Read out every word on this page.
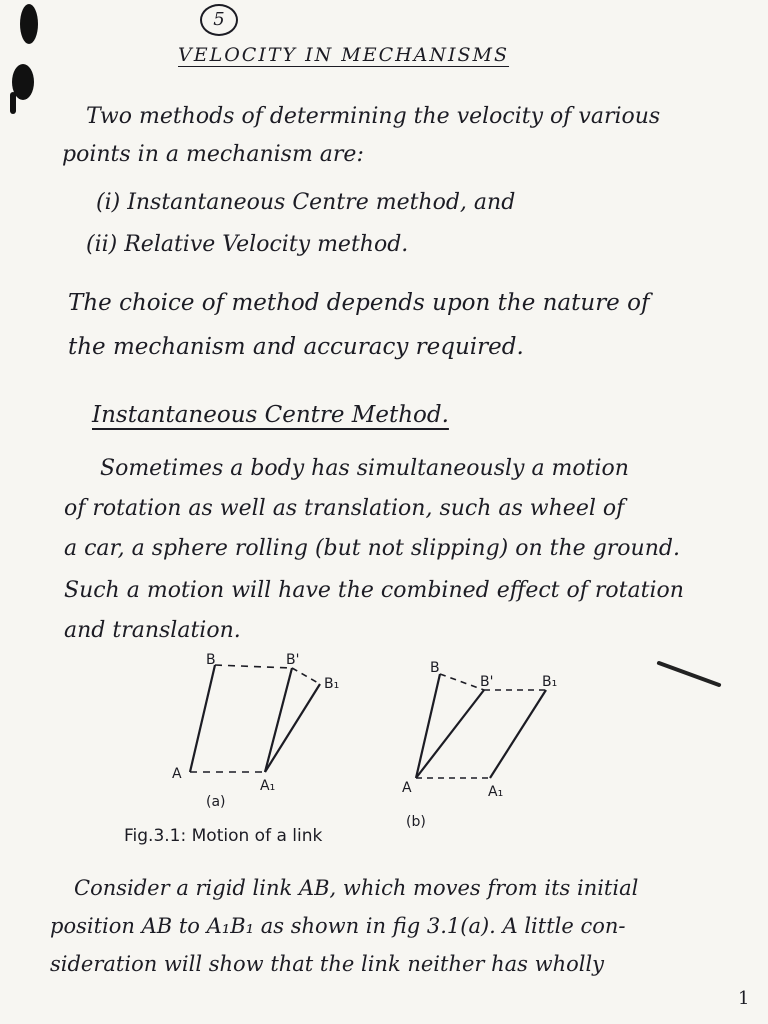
5
VELOCITY IN MECHANISMS
Two methods of determining the velocity of various
points in a mechanism are:
(i) Instantaneous Centre method, and
(ii) Relative Velocity method.
The choice of method depends upon the nature of
the mechanism and accuracy required.
Instantaneous Centre Method.
Sometimes a body has simultaneously a motion
of rotation as well as translation, such as wheel of
a car, a sphere rolling (but not slipping) on the ground.
Such a motion will have the combined effect of rotation
and translation.
B	B'
B₁
A
A₁
(a)
B
B'	B₁
A	A₁
(b)
Fig.3.1: Motion of a link
Consider a rigid link AB, which moves from its initial
position AB to A₁B₁ as shown in fig 3.1(a). A little con-
sideration will show that the link neither has wholly
1
